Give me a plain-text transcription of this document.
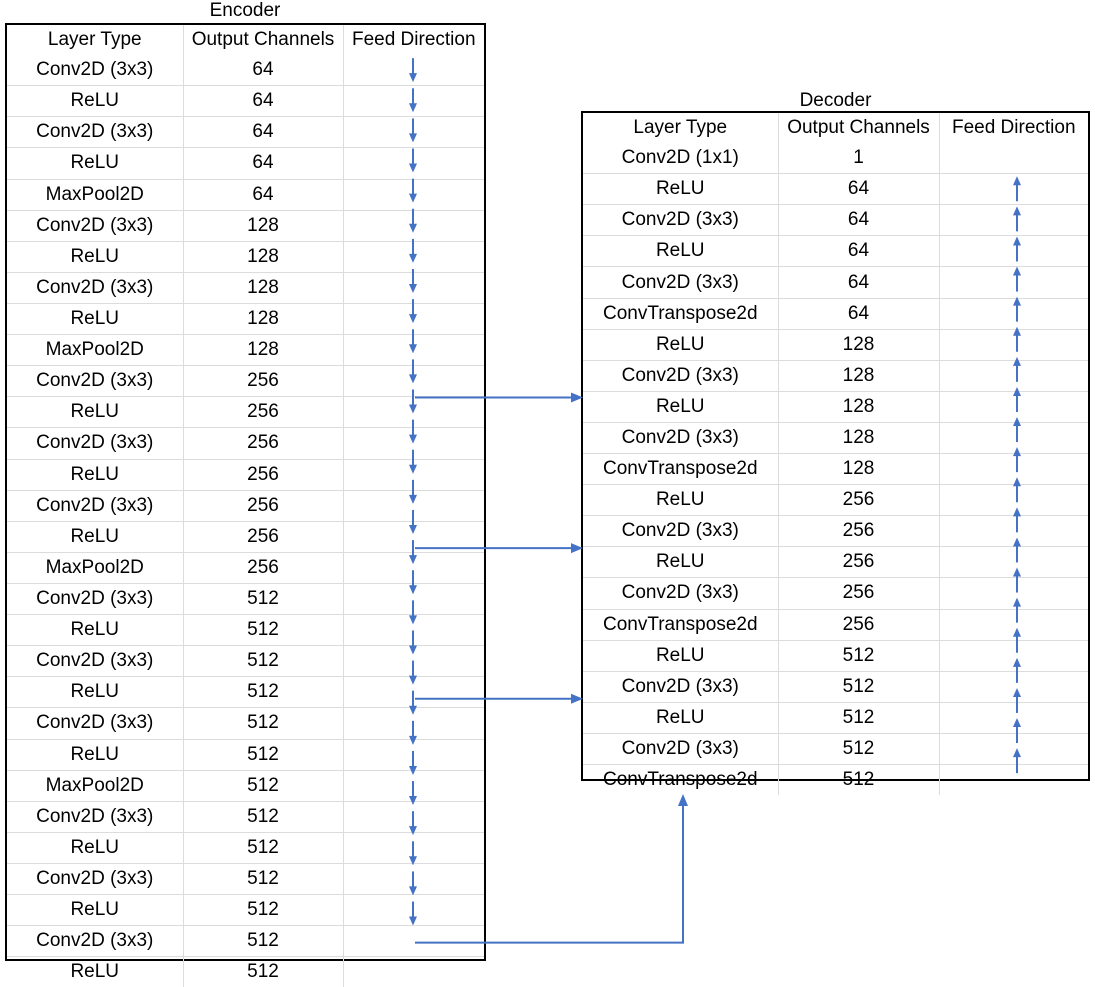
Encoder
Layer Type	Output Channels	Feed Direction
Conv2D (3x3)	64	
ReLU	64	
Conv2D (3x3)	64	
ReLU	64	
MaxPool2D	64	
Conv2D (3x3)	128	
ReLU	128	
Conv2D (3x3)	128	
ReLU	128	
MaxPool2D	128	
Conv2D (3x3)	256	
ReLU	256	
Conv2D (3x3)	256	
ReLU	256	
Conv2D (3x3)	256	
ReLU	256	
MaxPool2D	256	
Conv2D (3x3)	512	
ReLU	512	
Conv2D (3x3)	512	
ReLU	512	
Conv2D (3x3)	512	
ReLU	512	
MaxPool2D	512	
Conv2D (3x3)	512	
ReLU	512	
Conv2D (3x3)	512	
ReLU	512	
Conv2D (3x3)	512	
ReLU	512	
Decoder
Layer Type	Output Channels	Feed Direction
Conv2D (1x1)	1	
ReLU	64	
Conv2D (3x3)	64	
ReLU	64	
Conv2D (3x3)	64	
ConvTranspose2d	64	
ReLU	128	
Conv2D (3x3)	128	
ReLU	128	
Conv2D (3x3)	128	
ConvTranspose2d	128	
ReLU	256	
Conv2D (3x3)	256	
ReLU	256	
Conv2D (3x3)	256	
ConvTranspose2d	256	
ReLU	512	
Conv2D (3x3)	512	
ReLU	512	
Conv2D (3x3)	512	
ConvTranspose2d	512	
